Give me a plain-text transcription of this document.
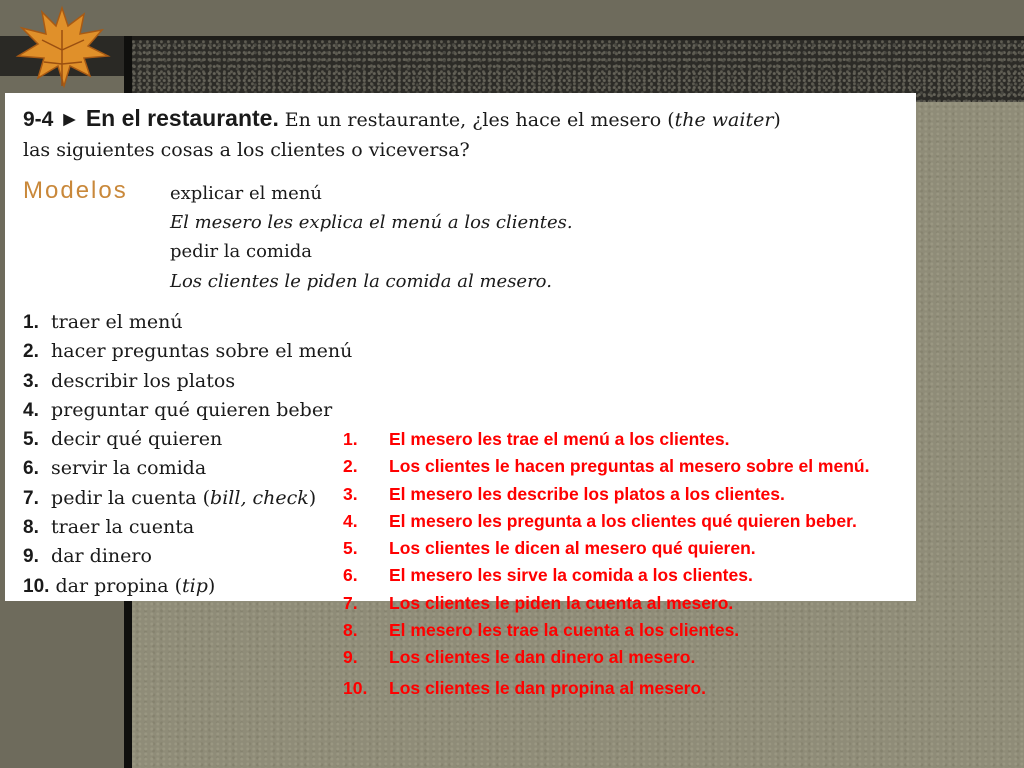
9-4 ► En el restaurante. En un restaurante, ¿les hace el mesero (the waiter)
las siguientes cosas a los clientes o viceversa?
Modelos explicar el menú
El mesero les explica el menú a los clientes.
pedir la comida
Los clientes le piden la comida al mesero.
1. traer el menú
2. hacer preguntas sobre el menú
3. describir los platos
4. preguntar qué quieren beber
5. decir qué quieren
6. servir la comida
7. pedir la cuenta (bill, check)
8. traer la cuenta
9. dar dinero
10. dar propina (tip)
1. El mesero les trae el menú a los clientes.
2. Los clientes le hacen preguntas al mesero sobre el menú.
3. El mesero les describe los platos a los clientes.
4. El mesero les pregunta a los clientes qué quieren beber.
5. Los clientes le dicen al mesero qué quieren.
6. El mesero les sirve la comida a los clientes.
7. Los clientes le piden la cuenta al mesero.
8. El mesero les trae la cuenta a los clientes.
9. Los clientes le dan dinero al mesero.
10. Los clientes le dan propina al mesero.
